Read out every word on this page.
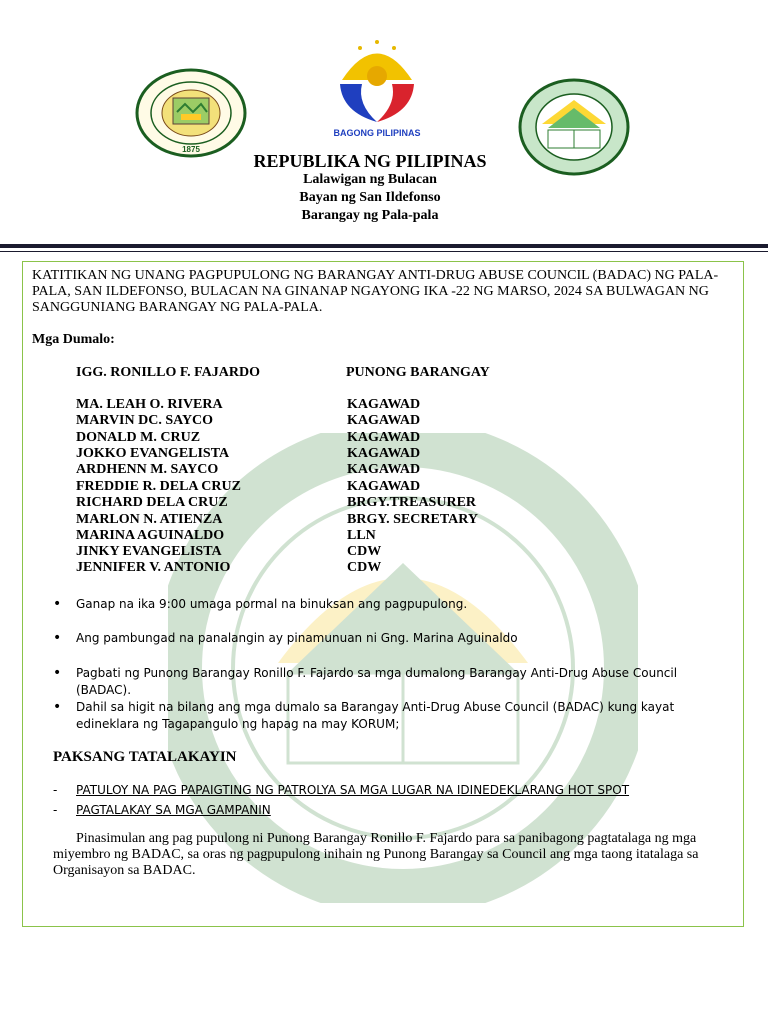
1875
BAGONG PILIPINAS
REPUBLIKA NG PILIPINAS
Lalawigan ng Bulacan
Bayan ng San Ildefonso
Barangay ng Pala-pala
KATITIKAN NG UNANG PAGPUPULONG NG BARANGAY ANTI-DRUG ABUSE COUNCIL (BADAC) NG PALA-PALA, SAN ILDEFONSO, BULACAN NA GINANAP NGAYONG IKA -22 NG MARSO, 2024 SA BULWAGAN NG SANGGUNIANG BARANGAY NG PALA-PALA.
Mga Dumalo:
IGG. RONILLO F. FAJARDO	PUNONG BARANGAY
MA. LEAH O. RIVERA	KAGAWAD
MARVIN DC. SAYCO	KAGAWAD
DONALD M. CRUZ	KAGAWAD
JOKKO EVANGELISTA	KAGAWAD
ARDHENN M. SAYCO	KAGAWAD
FREDDIE R. DELA CRUZ	KAGAWAD
RICHARD DELA CRUZ	BRGY.TREASURER
MARLON N. ATIENZA	BRGY. SECRETARY
MARINA AGUINALDO	LLN
JINKY EVANGELISTA	CDW
JENNIFER V. ANTONIO	CDW
• Ganap na ika 9:00 umaga pormal na binuksan ang pagpupulong.
• Ang pambungad na panalangin ay pinamunuan ni Gng. Marina Aguinaldo
• Pagbati ng Punong Barangay Ronillo F. Fajardo sa mga dumalong Barangay Anti-Drug Abuse Council (BADAC).
• Dahil sa higit na bilang ang mga dumalo sa Barangay Anti-Drug Abuse Council (BADAC) kung kayat edineklara ng Tagapangulo ng hapag na may KORUM;
PAKSANG TATALAKAYIN
- PATULOY NA PAG PAPAIGTING NG PATROLYA SA MGA LUGAR NA IDINEDEKLARANG HOT SPOT
- PAGTALAKAY SA MGA GAMPANIN
Pinasimulan ang pag pupulong ni Punong Barangay Ronillo F. Fajardo para sa panibagong pagtatalaga ng mga miyembro ng BADAC, sa oras ng pagpupulong inihain ng Punong Barangay sa Council ang mga taong itatalaga sa Organisayon sa BADAC.
